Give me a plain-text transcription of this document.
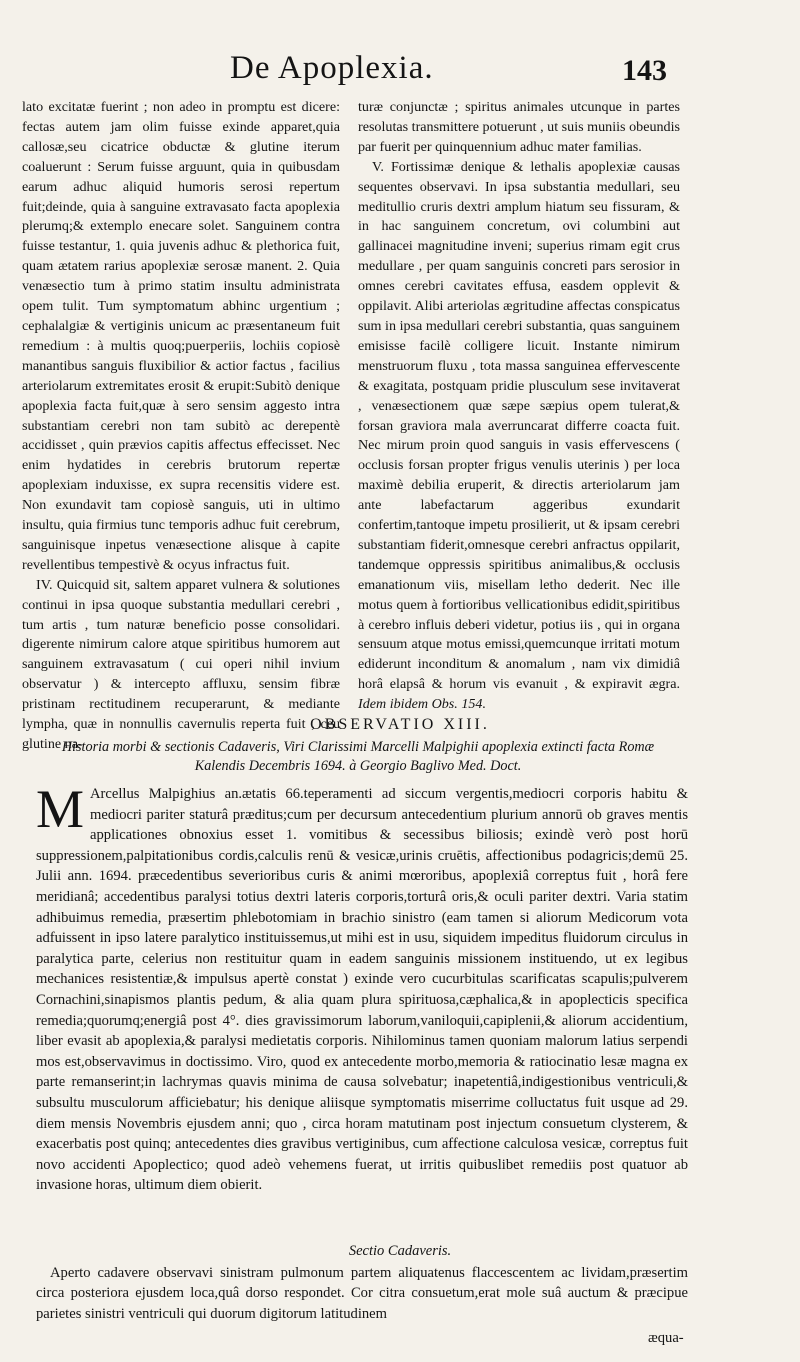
De Apoplexia.	143

lato excitatæ fuerint ; non adeo in promptu est dicere: fectas autem jam olim fuisse exinde apparet,quia callosæ,seu cicatrice obductæ & glutine iterum coaluerunt : Serum fuisse arguunt, quia in quibusdam earum adhuc aliquid humoris serosi repertum fuit;deinde, quia à sanguine extravasato facta apoplexia plerumq;& extemplo enecare solet. Sanguinem contra fuisse testantur, 1. quia juvenis adhuc & plethorica fuit, quam ætatem rarius apoplexiæ serosæ manent. 2. Quia venæsectio tum à primo statim insultu administrata opem tulit. Tum symptomatum abhinc urgentium ; cephalalgiæ & vertiginis unicum ac præsentaneum fuit remedium : à multis quoq;puerperiis, lochiis copiosè manantibus sanguis fluxibilior & actior factus , facilius arteriolarum extremitates erosit & erupit:Subitò denique apoplexia facta fuit,quæ à sero sensim aggesto intra substantiam cerebri non tam subitò ac derepentè accidisset , quin prævios capitis affectus effecisset. Nec enim hydatides in cerebris brutorum repertæ apoplexiam induxisse, ex supra recensitis videre est. Non exundavit tam copiosè sanguis, uti in ultimo insultu, quia firmius tunc temporis adhuc fuit cerebrum, sanguinisque inpetus venæsectione alisque à capite revellentibus tempestivè & ocyus infractus fuit.

IV. Quicquid sit, saltem apparet vulnera & solutiones continui in ipsa quoque substantia medullari cerebri , tum artis , tum naturæ beneficio posse consolidari. digerente nimirum calore atque spiritibus humorem aut sanguinem extravasatum ( cui operi nihil invium observatur ) & intercepto affluxu, sensim fibræ pristinam rectitudinem recuperarunt, & mediante lympha, quæ in nonnullis cavernulis reperta fuit , ceu glutine na-

turæ conjunctæ ; spiritus animales utcunque in partes resolutas transmittere potuerunt , ut suis muniis obeundis par fuerit per quinquennium adhuc mater familias.

V. Fortissimæ denique & lethalis apoplexiæ causas sequentes observavi. In ipsa substantia medullari, seu meditullio cruris dextri amplum hiatum seu fissuram, & in hac sanguinem concretum, ovi columbini aut gallinacei magnitudine inveni; superius rimam egit crus medullare , per quam sanguinis concreti pars serosior in omnes cerebri cavitates effusa, easdem opplevit & oppilavit. Alibi arteriolas ægritudine affectas conspicatus sum in ipsa medullari cerebri substantia, quas sanguinem emisisse facilè colligere licuit. Instante nimirum menstruorum fluxu , tota massa sanguinea effervescente & exagitata, postquam pridie plusculum sese invitaverat , venæsectionem quæ sæpe sæpius opem tulerat,& forsan graviora mala averruncarat differre coacta fuit. Nec mirum proin quod sanguis in vasis effervescens ( occlusis forsan propter frigus venulis uterinis ) per loca maximè debilia eruperit, & directis arteriolarum jam ante labefactarum aggeribus exundarit confertim,tantoque impetu prosilierit, ut & ipsam cerebri substantiam fiderit,omnesque cerebri anfractus oppilarit, tandemque oppressis spiritibus animalibus,& occlusis emanationum viis, misellam letho dederit. Nec ille motus quem à fortioribus vellicationibus edidit,spiritibus à cerebro influis deberi videtur, potius iis , qui in organa sensuum atque motus emissi,quemcunque irritati motum ediderunt inconditum & anomalum , nam vix dimidiâ horâ elapsâ & horum vis evanuit , & expiravit ægra. Idem ibidem Obs. 154.

OBSERVATIO XIII.
Historia morbi & sectionis Cadaveris, Viri Clarissimi Marcelli Malpighii apoplexia extincti facta Romæ Kalendis Decembris 1694. à Georgio Baglivo Med. Doct.
M Arcellus Malpighius an.ætatis 66.teperamenti ad siccum vergentis,mediocri corporis habitu & mediocri pariter staturâ præditus;cum per decursum antecedentium plurium annorū ob graves mentis applicationes obnoxius esset 1. vomitibus & secessibus biliosis; exindè verò post horū suppressionem,palpitationibus cordis,calculis renū & vesicæ,urinis cruētis, affectionibus podagricis;demū 25. Julii ann. 1694. præcedentibus severioribus curis & animi mœroribus, apoplexiâ correptus fuit , horâ fere meridianâ; accedentibus paralysi totius dextri lateris corporis,torturâ oris,& oculi pariter dextri. Varia statim adhibuimus remedia, præsertim phlebotomiam in brachio sinistro (eam tamen si aliorum Medicorum vota adfuissent in ipso latere paralytico instituissemus,ut mihi est in usu, siquidem impeditus fluidorum circulus in paralytica parte, celerius non restituitur quam in eadem sanguinis missionem instituendo, ut ex legibus mechanices resistentiæ,& impulsus apertè constat ) exinde vero cucurbitulas scarificatas scapulis;pulverem Cornachini,sinapismos plantis pedum, & alia quam plura spirituosa,cæphalica,& in apoplecticis specifica remedia;quorumq;energiâ post 4°. dies gravissimorum laborum,vaniloquii,capiplenii,& aliorum accidentium, liber evasit ab apoplexia,& paralysi medietatis corporis. Nihilominus tamen quoniam malorum latius serpendi mos est,observavimus in doctissimo. Viro, quod ex antecedente morbo,memoria & ratiocinatio lesæ magna ex parte remanserint;in lachrymas quavis minima de causa solvebatur; inapetentiâ,indigestionibus ventriculi,& subsultu musculorum afficiebatur; his denique aliisque symptomatis miserrime colluctatus fuit usque ad 29. diem mensis Novembris ejusdem anni; quo , circa horam matutinam post injectum consuetum clysterem, & exacerbatis post quinq; antecedentes dies gravibus vertiginibus, cum affectione calculosa vesicæ, correptus fuit novo accidenti Apoplectico; quod adeò vehemens fuerat, ut irritis quibuslibet remediis post quatuor ab invasione horas, ultimum diem obierit.

Sectio Cadaveris.

Aperto cadavere observavi sinistram pulmonum partem aliquatenus flaccescentem ac lividam,præsertim circa posteriora ejusdem loca,quâ dorso respondet. Cor citra consuetum,erat mole suâ auctum & præcipue parietes sinistri ventriculi qui duorum digitorum latitudinem

æqua-
